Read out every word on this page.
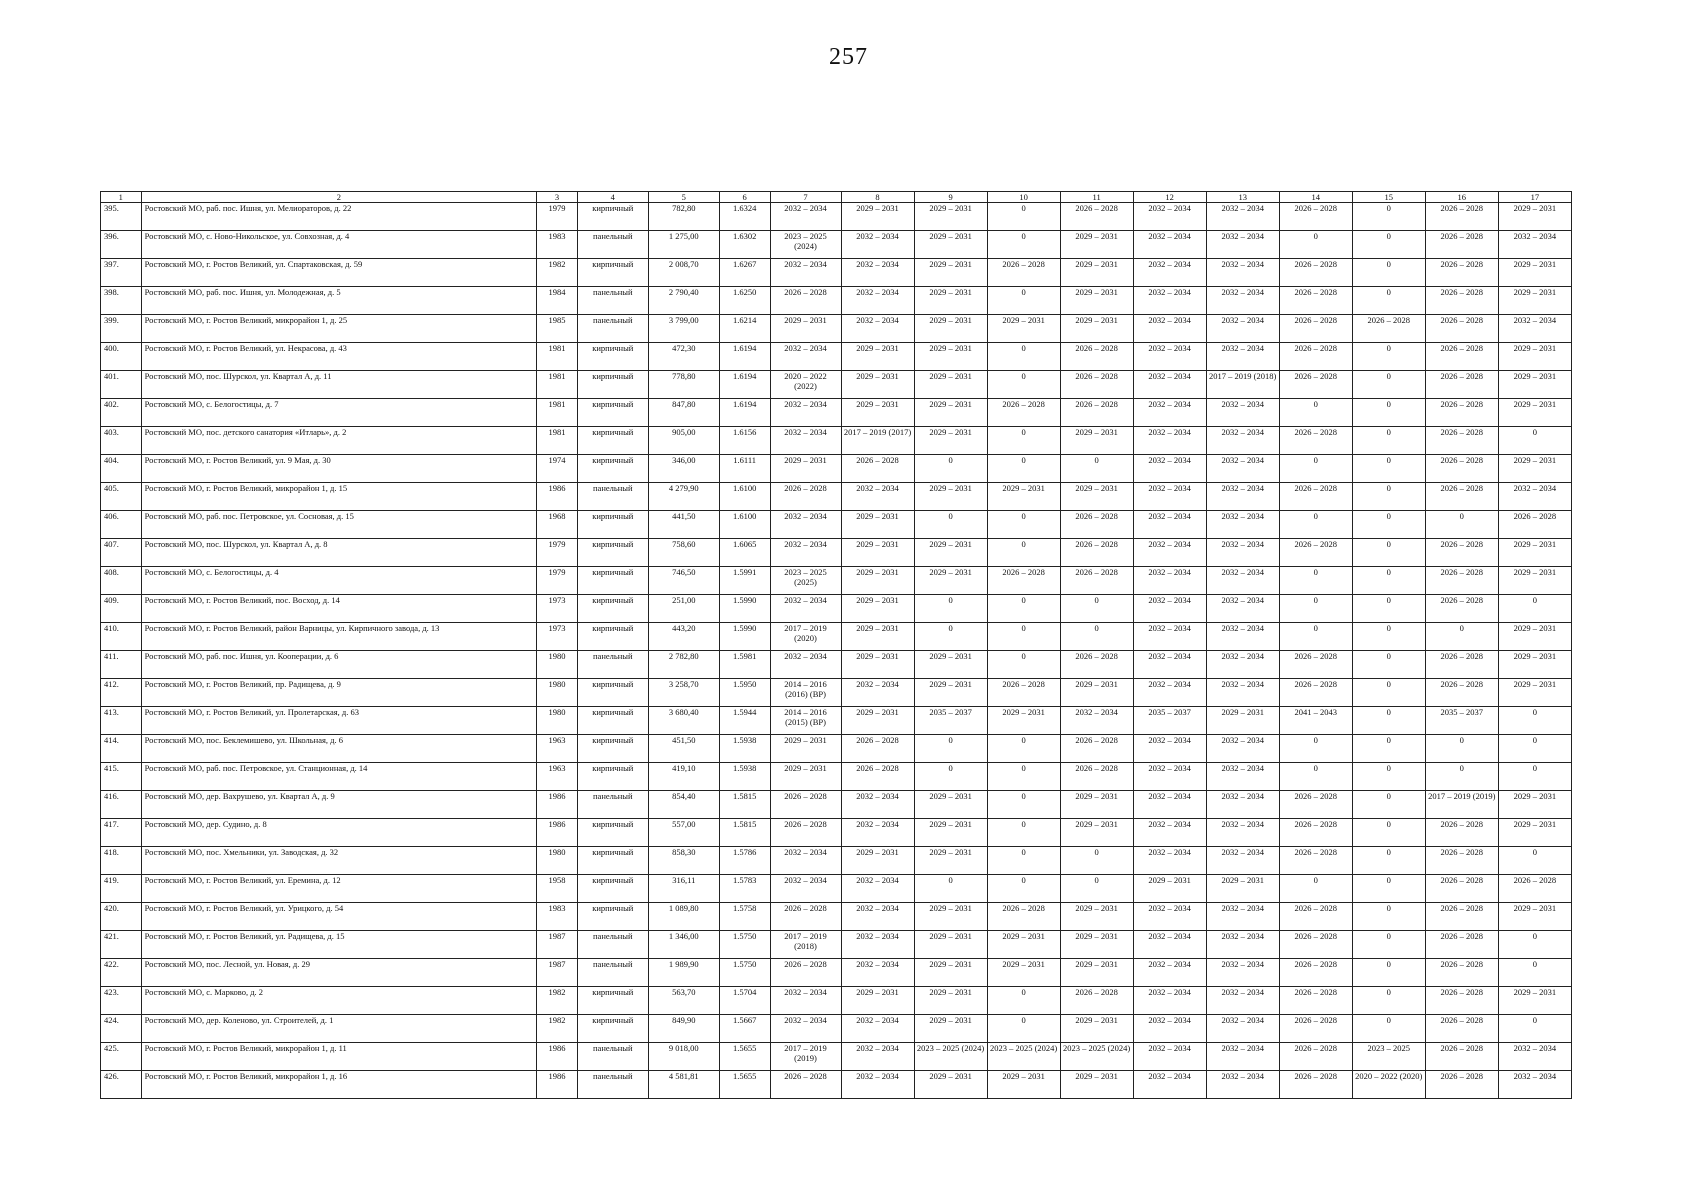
257
1	2	3	4	5	6	7	8	9	10	11	12	13	14	15	16	17
395.	Ростовский МО, раб. пос. Ишня, ул. Мелиораторов, д. 22	1979	кирпичный	782,80	1.6324	2032 – 2034	2029 – 2031	2029 – 2031	0	2026 – 2028	2032 – 2034	2032 – 2034	2026 – 2028	0	2026 – 2028	2029 – 2031
396.	Ростовский МО, с. Ново-Никольское, ул. Совхозная, д. 4	1983	панельный	1 275,00	1.6302	2023 – 2025 (2024)	2032 – 2034	2029 – 2031	0	2029 – 2031	2032 – 2034	2032 – 2034	0	0	2026 – 2028	2032 – 2034
397.	Ростовский МО, г. Ростов Великий, ул. Спартаковская, д. 59	1982	кирпичный	2 008,70	1.6267	2032 – 2034	2032 – 2034	2029 – 2031	2026 – 2028	2029 – 2031	2032 – 2034	2032 – 2034	2026 – 2028	0	2026 – 2028	2029 – 2031
398.	Ростовский МО, раб. пос. Ишня, ул. Молодежная, д. 5	1984	панельный	2 790,40	1.6250	2026 – 2028	2032 – 2034	2029 – 2031	0	2029 – 2031	2032 – 2034	2032 – 2034	2026 – 2028	0	2026 – 2028	2029 – 2031
399.	Ростовский МО, г. Ростов Великий, микрорайон 1, д. 25	1985	панельный	3 799,00	1.6214	2029 – 2031	2032 – 2034	2029 – 2031	2029 – 2031	2029 – 2031	2032 – 2034	2032 – 2034	2026 – 2028	2026 – 2028	2026 – 2028	2032 – 2034
400.	Ростовский МО, г. Ростов Великий, ул. Некрасова, д. 43	1981	кирпичный	472,30	1.6194	2032 – 2034	2029 – 2031	2029 – 2031	0	2026 – 2028	2032 – 2034	2032 – 2034	2026 – 2028	0	2026 – 2028	2029 – 2031
401.	Ростовский МО, пос. Шурскол, ул. Квартал А, д. 11	1981	кирпичный	778,80	1.6194	2020 – 2022 (2022)	2029 – 2031	2029 – 2031	0	2026 – 2028	2032 – 2034	2017 – 2019 (2018)	2026 – 2028	0	2026 – 2028	2029 – 2031
402.	Ростовский МО, с. Белогостицы, д. 7	1981	кирпичный	847,80	1.6194	2032 – 2034	2029 – 2031	2029 – 2031	2026 – 2028	2026 – 2028	2032 – 2034	2032 – 2034	0	0	2026 – 2028	2029 – 2031
403.	Ростовский МО, пос. детского санатория «Итларь», д. 2	1981	кирпичный	905,00	1.6156	2032 – 2034	2017 – 2019 (2017)	2029 – 2031	0	2029 – 2031	2032 – 2034	2032 – 2034	2026 – 2028	0	2026 – 2028	0
404.	Ростовский МО, г. Ростов Великий, ул. 9 Мая, д. 30	1974	кирпичный	346,00	1.6111	2029 – 2031	2026 – 2028	0	0	0	2032 – 2034	2032 – 2034	0	0	2026 – 2028	2029 – 2031
405.	Ростовский МО, г. Ростов Великий, микрорайон 1, д. 15	1986	панельный	4 279,90	1.6100	2026 – 2028	2032 – 2034	2029 – 2031	2029 – 2031	2029 – 2031	2032 – 2034	2032 – 2034	2026 – 2028	0	2026 – 2028	2032 – 2034
406.	Ростовский МО, раб. пос. Петровское, ул. Сосновая, д. 15	1968	кирпичный	441,50	1.6100	2032 – 2034	2029 – 2031	0	0	2026 – 2028	2032 – 2034	2032 – 2034	0	0	0	2026 – 2028
407.	Ростовский МО, пос. Шурскол, ул. Квартал А, д. 8	1979	кирпичный	758,60	1.6065	2032 – 2034	2029 – 2031	2029 – 2031	0	2026 – 2028	2032 – 2034	2032 – 2034	2026 – 2028	0	2026 – 2028	2029 – 2031
408.	Ростовский МО, с. Белогостицы, д. 4	1979	кирпичный	746,50	1.5991	2023 – 2025 (2025)	2029 – 2031	2029 – 2031	2026 – 2028	2026 – 2028	2032 – 2034	2032 – 2034	0	0	2026 – 2028	2029 – 2031
409.	Ростовский МО, г. Ростов Великий, пос. Восход, д. 14	1973	кирпичный	251,00	1.5990	2032 – 2034	2029 – 2031	0	0	0	2032 – 2034	2032 – 2034	0	0	2026 – 2028	0
410.	Ростовский МО, г. Ростов Великий, район Варницы, ул. Кирпичного завода, д. 13	1973	кирпичный	443,20	1.5990	2017 – 2019 (2020)	2029 – 2031	0	0	0	2032 – 2034	2032 – 2034	0	0	0	2029 – 2031
411.	Ростовский МО, раб. пос. Ишня, ул. Кооперации, д. 6	1980	панельный	2 782,80	1.5981	2032 – 2034	2029 – 2031	2029 – 2031	0	2026 – 2028	2032 – 2034	2032 – 2034	2026 – 2028	0	2026 – 2028	2029 – 2031
412.	Ростовский МО, г. Ростов Великий, пр. Радищева, д. 9	1980	кирпичный	3 258,70	1.5950	2014 – 2016 (2016) (ВР)	2032 – 2034	2029 – 2031	2026 – 2028	2029 – 2031	2032 – 2034	2032 – 2034	2026 – 2028	0	2026 – 2028	2029 – 2031
413.	Ростовский МО, г. Ростов Великий, ул. Пролетарская, д. 63	1980	кирпичный	3 680,40	1.5944	2014 – 2016 (2015) (ВР)	2029 – 2031	2035 – 2037	2029 – 2031	2032 – 2034	2035 – 2037	2029 – 2031	2041 – 2043	0	2035 – 2037	0
414.	Ростовский МО, пос. Беклемишево, ул. Школьная, д. 6	1963	кирпичный	451,50	1.5938	2029 – 2031	2026 – 2028	0	0	2026 – 2028	2032 – 2034	2032 – 2034	0	0	0	0
415.	Ростовский МО, раб. пос. Петровское, ул. Станционная, д. 14	1963	кирпичный	419,10	1.5938	2029 – 2031	2026 – 2028	0	0	2026 – 2028	2032 – 2034	2032 – 2034	0	0	0	0
416.	Ростовский МО, дер. Вахрушево, ул. Квартал А, д. 9	1986	панельный	854,40	1.5815	2026 – 2028	2032 – 2034	2029 – 2031	0	2029 – 2031	2032 – 2034	2032 – 2034	2026 – 2028	0	2017 – 2019 (2019)	2029 – 2031
417.	Ростовский МО, дер. Судино, д. 8	1986	кирпичный	557,00	1.5815	2026 – 2028	2032 – 2034	2029 – 2031	0	2029 – 2031	2032 – 2034	2032 – 2034	2026 – 2028	0	2026 – 2028	2029 – 2031
418.	Ростовский МО, пос. Хмельники, ул. Заводская, д. 32	1980	кирпичный	858,30	1.5786	2032 – 2034	2029 – 2031	2029 – 2031	0	0	2032 – 2034	2032 – 2034	2026 – 2028	0	2026 – 2028	0
419.	Ростовский МО, г. Ростов Великий, ул. Еремина, д. 12	1958	кирпичный	316,11	1.5783	2032 – 2034	2032 – 2034	0	0	0	2029 – 2031	2029 – 2031	0	0	2026 – 2028	2026 – 2028
420.	Ростовский МО, г. Ростов Великий, ул. Урицкого, д. 54	1983	кирпичный	1 089,80	1.5758	2026 – 2028	2032 – 2034	2029 – 2031	2026 – 2028	2029 – 2031	2032 – 2034	2032 – 2034	2026 – 2028	0	2026 – 2028	2029 – 2031
421.	Ростовский МО, г. Ростов Великий, ул. Радищева, д. 15	1987	панельный	1 346,00	1.5750	2017 – 2019 (2018)	2032 – 2034	2029 – 2031	2029 – 2031	2029 – 2031	2032 – 2034	2032 – 2034	2026 – 2028	0	2026 – 2028	0
422.	Ростовский МО, пос. Лесной, ул. Новая, д. 29	1987	панельный	1 989,90	1.5750	2026 – 2028	2032 – 2034	2029 – 2031	2029 – 2031	2029 – 2031	2032 – 2034	2032 – 2034	2026 – 2028	0	2026 – 2028	0
423.	Ростовский МО, с. Марково, д. 2	1982	кирпичный	563,70	1.5704	2032 – 2034	2029 – 2031	2029 – 2031	0	2026 – 2028	2032 – 2034	2032 – 2034	2026 – 2028	0	2026 – 2028	2029 – 2031
424.	Ростовский МО, дер. Коленово, ул. Строителей, д. 1	1982	кирпичный	849,90	1.5667	2032 – 2034	2032 – 2034	2029 – 2031	0	2029 – 2031	2032 – 2034	2032 – 2034	2026 – 2028	0	2026 – 2028	0
425.	Ростовский МО, г. Ростов Великий, микрорайон 1, д. 11	1986	панельный	9 018,00	1.5655	2017 – 2019 (2019)	2032 – 2034	2023 – 2025 (2024)	2023 – 2025 (2024)	2023 – 2025 (2024)	2032 – 2034	2032 – 2034	2026 – 2028	2023 – 2025	2026 – 2028	2032 – 2034
426.	Ростовский МО, г. Ростов Великий, микрорайон 1, д. 16	1986	панельный	4 581,81	1.5655	2026 – 2028	2032 – 2034	2029 – 2031	2029 – 2031	2029 – 2031	2032 – 2034	2032 – 2034	2026 – 2028	2020 – 2022 (2020)	2026 – 2028	2032 – 2034
